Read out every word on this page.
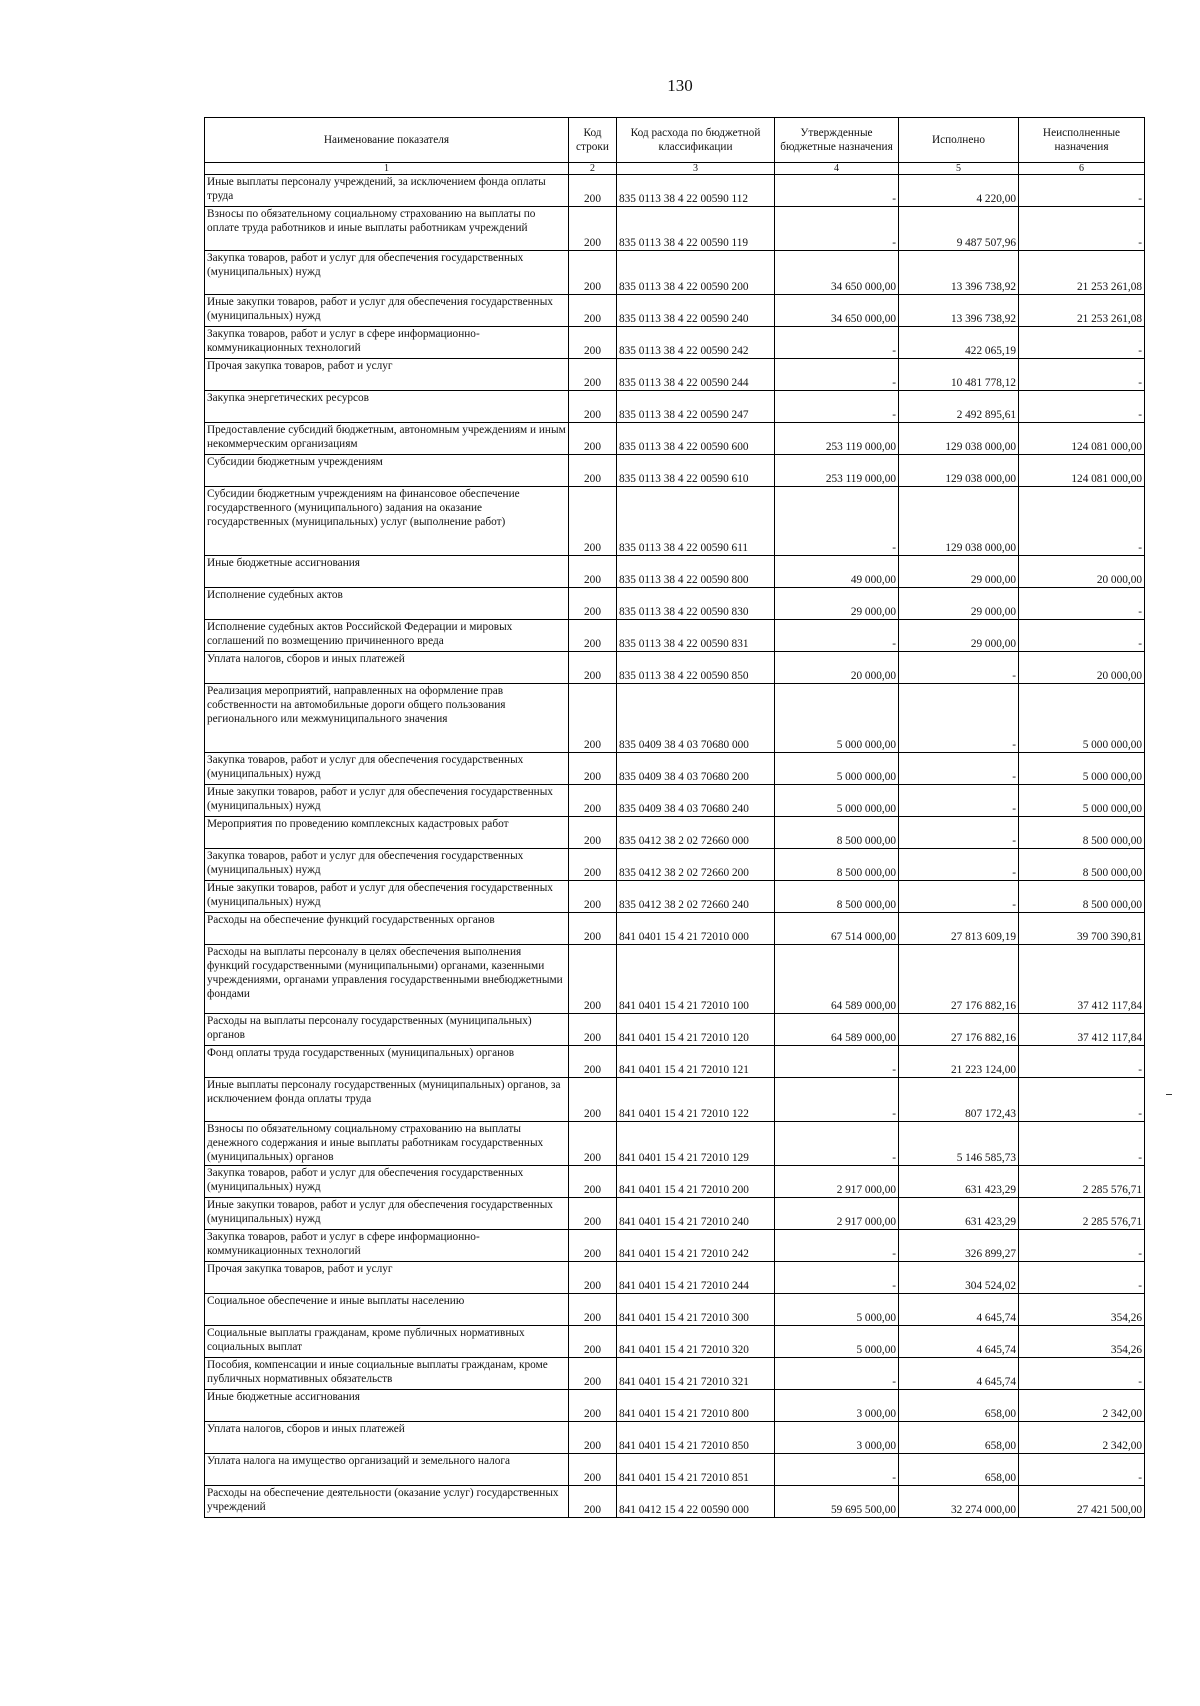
130
Наименование показателя	Код строки	Код расхода по бюджетной классификации	Утвержденные бюджетные назначения	Исполнено	Неисполненные назначения
1	2	3	4	5	6
Иные выплаты персоналу учреждений, за исключением фонда оплаты труда	200	835 0113 38 4 22 00590 112	-	4 220,00	-
Взносы по обязательному социальному страхованию на выплаты по оплате труда работников и иные выплаты работникам учреждений	200	835 0113 38 4 22 00590 119	-	9 487 507,96	-
Закупка товаров, работ и услуг для обеспечения государственных (муниципальных) нужд	200	835 0113 38 4 22 00590 200	34 650 000,00	13 396 738,92	21 253 261,08
Иные закупки товаров, работ и услуг для обеспечения государственных (муниципальных) нужд	200	835 0113 38 4 22 00590 240	34 650 000,00	13 396 738,92	21 253 261,08
Закупка товаров, работ и услуг в сфере информационно-коммуникационных технологий	200	835 0113 38 4 22 00590 242	-	422 065,19	-
Прочая закупка товаров, работ и услуг	200	835 0113 38 4 22 00590 244	-	10 481 778,12	-
Закупка энергетических ресурсов	200	835 0113 38 4 22 00590 247	-	2 492 895,61	-
Предоставление субсидий бюджетным, автономным учреждениям и иным некоммерческим организациям	200	835 0113 38 4 22 00590 600	253 119 000,00	129 038 000,00	124 081 000,00
Субсидии бюджетным учреждениям	200	835 0113 38 4 22 00590 610	253 119 000,00	129 038 000,00	124 081 000,00
Субсидии бюджетным учреждениям на финансовое обеспечение государственного (муниципального) задания на оказание государственных (муниципальных) услуг (выполнение работ)	200	835 0113 38 4 22 00590 611	-	129 038 000,00	-
Иные бюджетные ассигнования	200	835 0113 38 4 22 00590 800	49 000,00	29 000,00	20 000,00
Исполнение судебных актов	200	835 0113 38 4 22 00590 830	29 000,00	29 000,00	-
Исполнение судебных актов Российской Федерации и мировых соглашений по возмещению причиненного вреда	200	835 0113 38 4 22 00590 831	-	29 000,00	-
Уплата налогов, сборов и иных платежей	200	835 0113 38 4 22 00590 850	20 000,00	-	20 000,00
Реализация мероприятий, направленных на оформление прав собственности на автомобильные дороги общего пользования регионального или межмуниципального значения	200	835 0409 38 4 03 70680 000	5 000 000,00	-	5 000 000,00
Закупка товаров, работ и услуг для обеспечения государственных (муниципальных) нужд	200	835 0409 38 4 03 70680 200	5 000 000,00	-	5 000 000,00
Иные закупки товаров, работ и услуг для обеспечения государственных (муниципальных) нужд	200	835 0409 38 4 03 70680 240	5 000 000,00	-	5 000 000,00
Мероприятия по проведению комплексных кадастровых работ	200	835 0412 38 2 02 72660 000	8 500 000,00	-	8 500 000,00
Закупка товаров, работ и услуг для обеспечения государственных (муниципальных) нужд	200	835 0412 38 2 02 72660 200	8 500 000,00	-	8 500 000,00
Иные закупки товаров, работ и услуг для обеспечения государственных (муниципальных) нужд	200	835 0412 38 2 02 72660 240	8 500 000,00	-	8 500 000,00
Расходы на обеспечение функций государственных органов	200	841 0401 15 4 21 72010 000	67 514 000,00	27 813 609,19	39 700 390,81
Расходы на выплаты персоналу в целях обеспечения выполнения функций государственными (муниципальными) органами, казенными учреждениями, органами управления государственными внебюджетными фондами	200	841 0401 15 4 21 72010 100	64 589 000,00	27 176 882,16	37 412 117,84
Расходы на выплаты персоналу государственных (муниципальных) органов	200	841 0401 15 4 21 72010 120	64 589 000,00	27 176 882,16	37 412 117,84
Фонд оплаты труда государственных (муниципальных) органов	200	841 0401 15 4 21 72010 121	-	21 223 124,00	-
Иные выплаты персоналу государственных (муниципальных) органов, за исключением фонда оплаты труда	200	841 0401 15 4 21 72010 122	-	807 172,43	-
Взносы по обязательному социальному страхованию на выплаты денежного содержания и иные выплаты работникам государственных (муниципальных) органов	200	841 0401 15 4 21 72010 129	-	5 146 585,73	-
Закупка товаров, работ и услуг для обеспечения государственных (муниципальных) нужд	200	841 0401 15 4 21 72010 200	2 917 000,00	631 423,29	2 285 576,71
Иные закупки товаров, работ и услуг для обеспечения государственных (муниципальных) нужд	200	841 0401 15 4 21 72010 240	2 917 000,00	631 423,29	2 285 576,71
Закупка товаров, работ и услуг в сфере информационно-коммуникационных технологий	200	841 0401 15 4 21 72010 242	-	326 899,27	-
Прочая закупка товаров, работ и услуг	200	841 0401 15 4 21 72010 244	-	304 524,02	-
Социальное обеспечение и иные выплаты населению	200	841 0401 15 4 21 72010 300	5 000,00	4 645,74	354,26
Социальные выплаты гражданам, кроме публичных нормативных социальных выплат	200	841 0401 15 4 21 72010 320	5 000,00	4 645,74	354,26
Пособия, компенсации и иные социальные выплаты гражданам, кроме публичных нормативных обязательств	200	841 0401 15 4 21 72010 321	-	4 645,74	-
Иные бюджетные ассигнования	200	841 0401 15 4 21 72010 800	3 000,00	658,00	2 342,00
Уплата налогов, сборов и иных платежей	200	841 0401 15 4 21 72010 850	3 000,00	658,00	2 342,00
Уплата налога на имущество организаций и земельного налога	200	841 0401 15 4 21 72010 851	-	658,00	-
Расходы на обеспечение деятельности (оказание услуг) государственных учреждений	200	841 0412 15 4 22 00590 000	59 695 500,00	32 274 000,00	27 421 500,00
